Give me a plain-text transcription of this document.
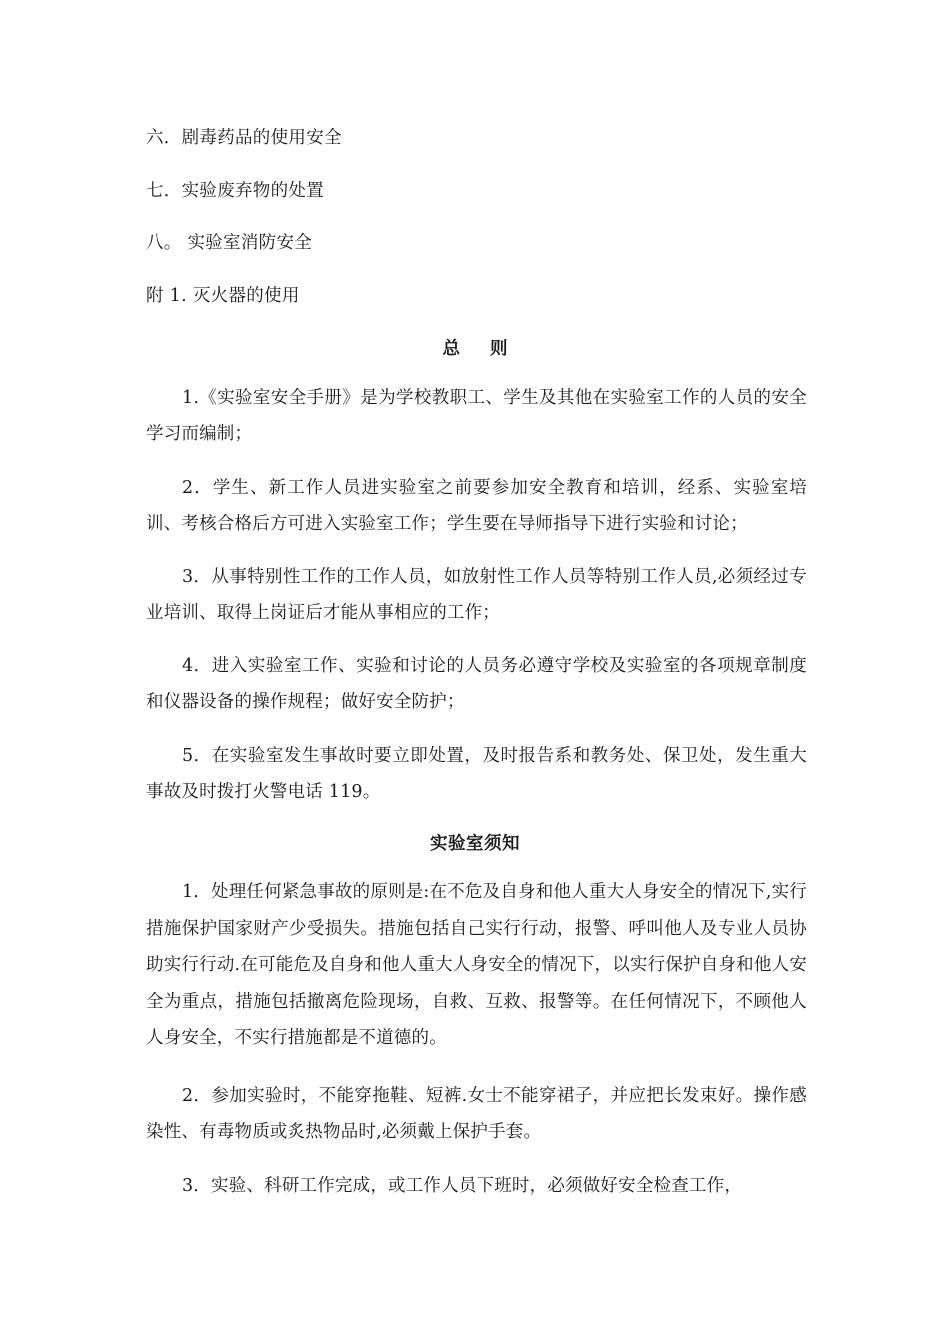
六．剧毒药品的使用安全
七．实验废弃物的处置
八。 实验室消防安全
附 1. 灭火器的使用
总 则
1.《实验室安全手册》是为学校教职工、学生及其他在实验室工作的人员的安全学习而编制；
2．学生、新工作人员进实验室之前要参加安全教育和培训，经系、实验室培训、考核合格后方可进入实验室工作；学生要在导师指导下进行实验和讨论；
3．从事特别性工作的工作人员，如放射性工作人员等特别工作人员,必须经过专业培训、取得上岗证后才能从事相应的工作；
4．进入实验室工作、实验和讨论的人员务必遵守学校及实验室的各项规章制度和仪器设备的操作规程；做好安全防护；
5．在实验室发生事故时要立即处置，及时报告系和教务处、保卫处，发生重大事故及时拨打火警电话 119。
实验室须知
1．处理任何紧急事故的原则是:在不危及自身和他人重大人身安全的情况下,实行措施保护国家财产少受损失。措施包括自己实行行动，报警、呼叫他人及专业人员协助实行行动.在可能危及自身和他人重大人身安全的情况下，以实行保护自身和他人安全为重点，措施包括撤离危险现场，自救、互救、报警等。在任何情况下，不顾他人人身安全，不实行措施都是不道德的。
2．参加实验时，不能穿拖鞋、短裤.女士不能穿裙子，并应把长发束好。操作感染性、有毒物质或炙热物品时,必须戴上保护手套。
3．实验、科研工作完成，或工作人员下班时，必须做好安全检查工作，
